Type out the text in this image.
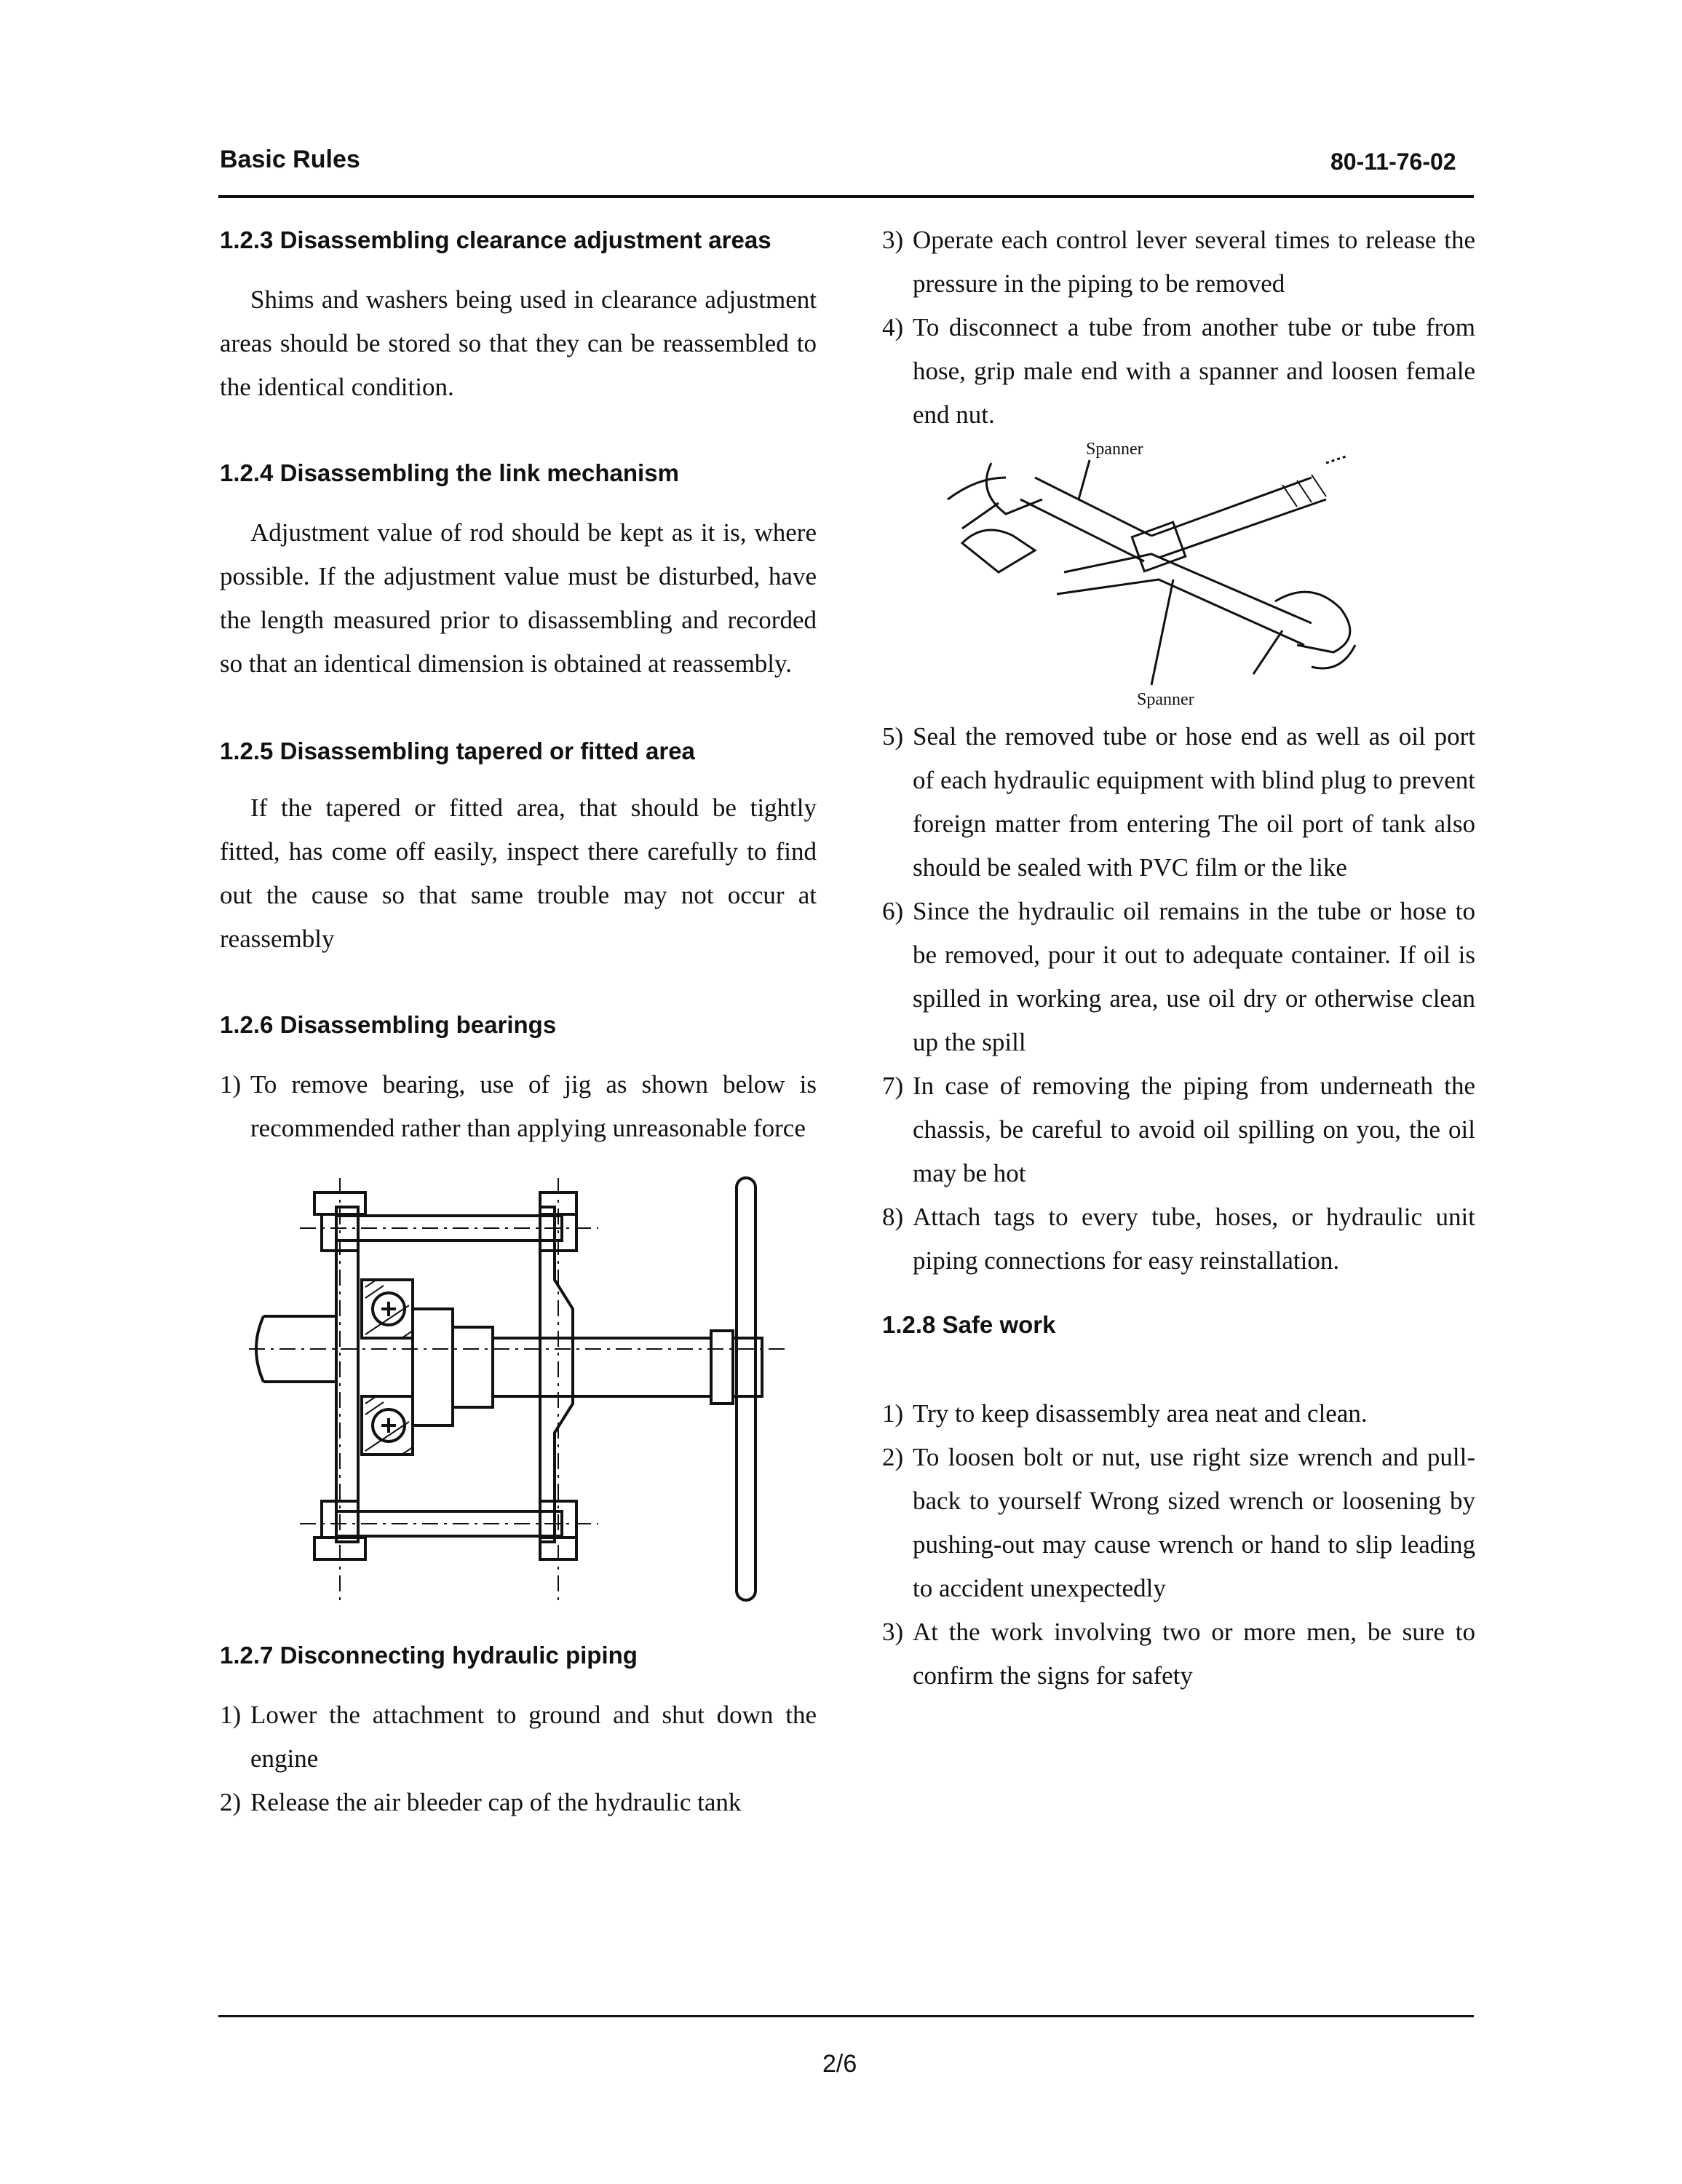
Basic Rules	80-11-76-02
1.2.3 Disassembling clearance adjustment areas

Shims and washers being used in clearance adjustment areas should be stored so that they can be reassembled to the identical condition.

1.2.4 Disassembling the link mechanism

Adjustment value of rod should be kept as it is, where possible. If the adjustment value must be disturbed, have the length measured prior to disassembling and recorded so that an identical dimension is obtained at reassembly.

1.2.5 Disassembling tapered or fitted area

If the tapered or fitted area, that should be tightly fitted, has come off easily, inspect there carefully to find out the cause so that same trouble may not occur at reassembly

1.2.6 Disassembling bearings
1) To remove bearing, use of jig as shown below is recommended rather than applying unreasonable force
1.2.7 Disconnecting hydraulic piping
1) Lower the attachment to ground and shut down the engine
2) Release the air bleeder cap of the hydraulic tank
3) Operate each control lever several times to release the pressure in the piping to be removed
4) To disconnect a tube from another tube or tube from hose, grip male end with a spanner and loosen female end nut.
Spanner
Spanner
5) Seal the removed tube or hose end as well as oil port of each hydraulic equipment with blind plug to prevent foreign matter from entering The oil port of tank also should be sealed with PVC film or the like
6) Since the hydraulic oil remains in the tube or hose to be removed, pour it out to adequate container. If oil is spilled in working area, use oil dry or otherwise clean up the spill
7) In case of removing the piping from underneath the chassis, be careful to avoid oil spilling on you, the oil may be hot
8) Attach tags to every tube, hoses, or hydraulic unit piping connections for easy reinstallation.
1.2.8 Safe work
1) Try to keep disassembly area neat and clean.
2) To loosen bolt or nut, use right size wrench and pull-back to yourself Wrong sized wrench or loosening by pushing-out may cause wrench or hand to slip leading to accident unexpectedly
3) At the work involving two or more men, be sure to confirm the signs for safety
2/6
